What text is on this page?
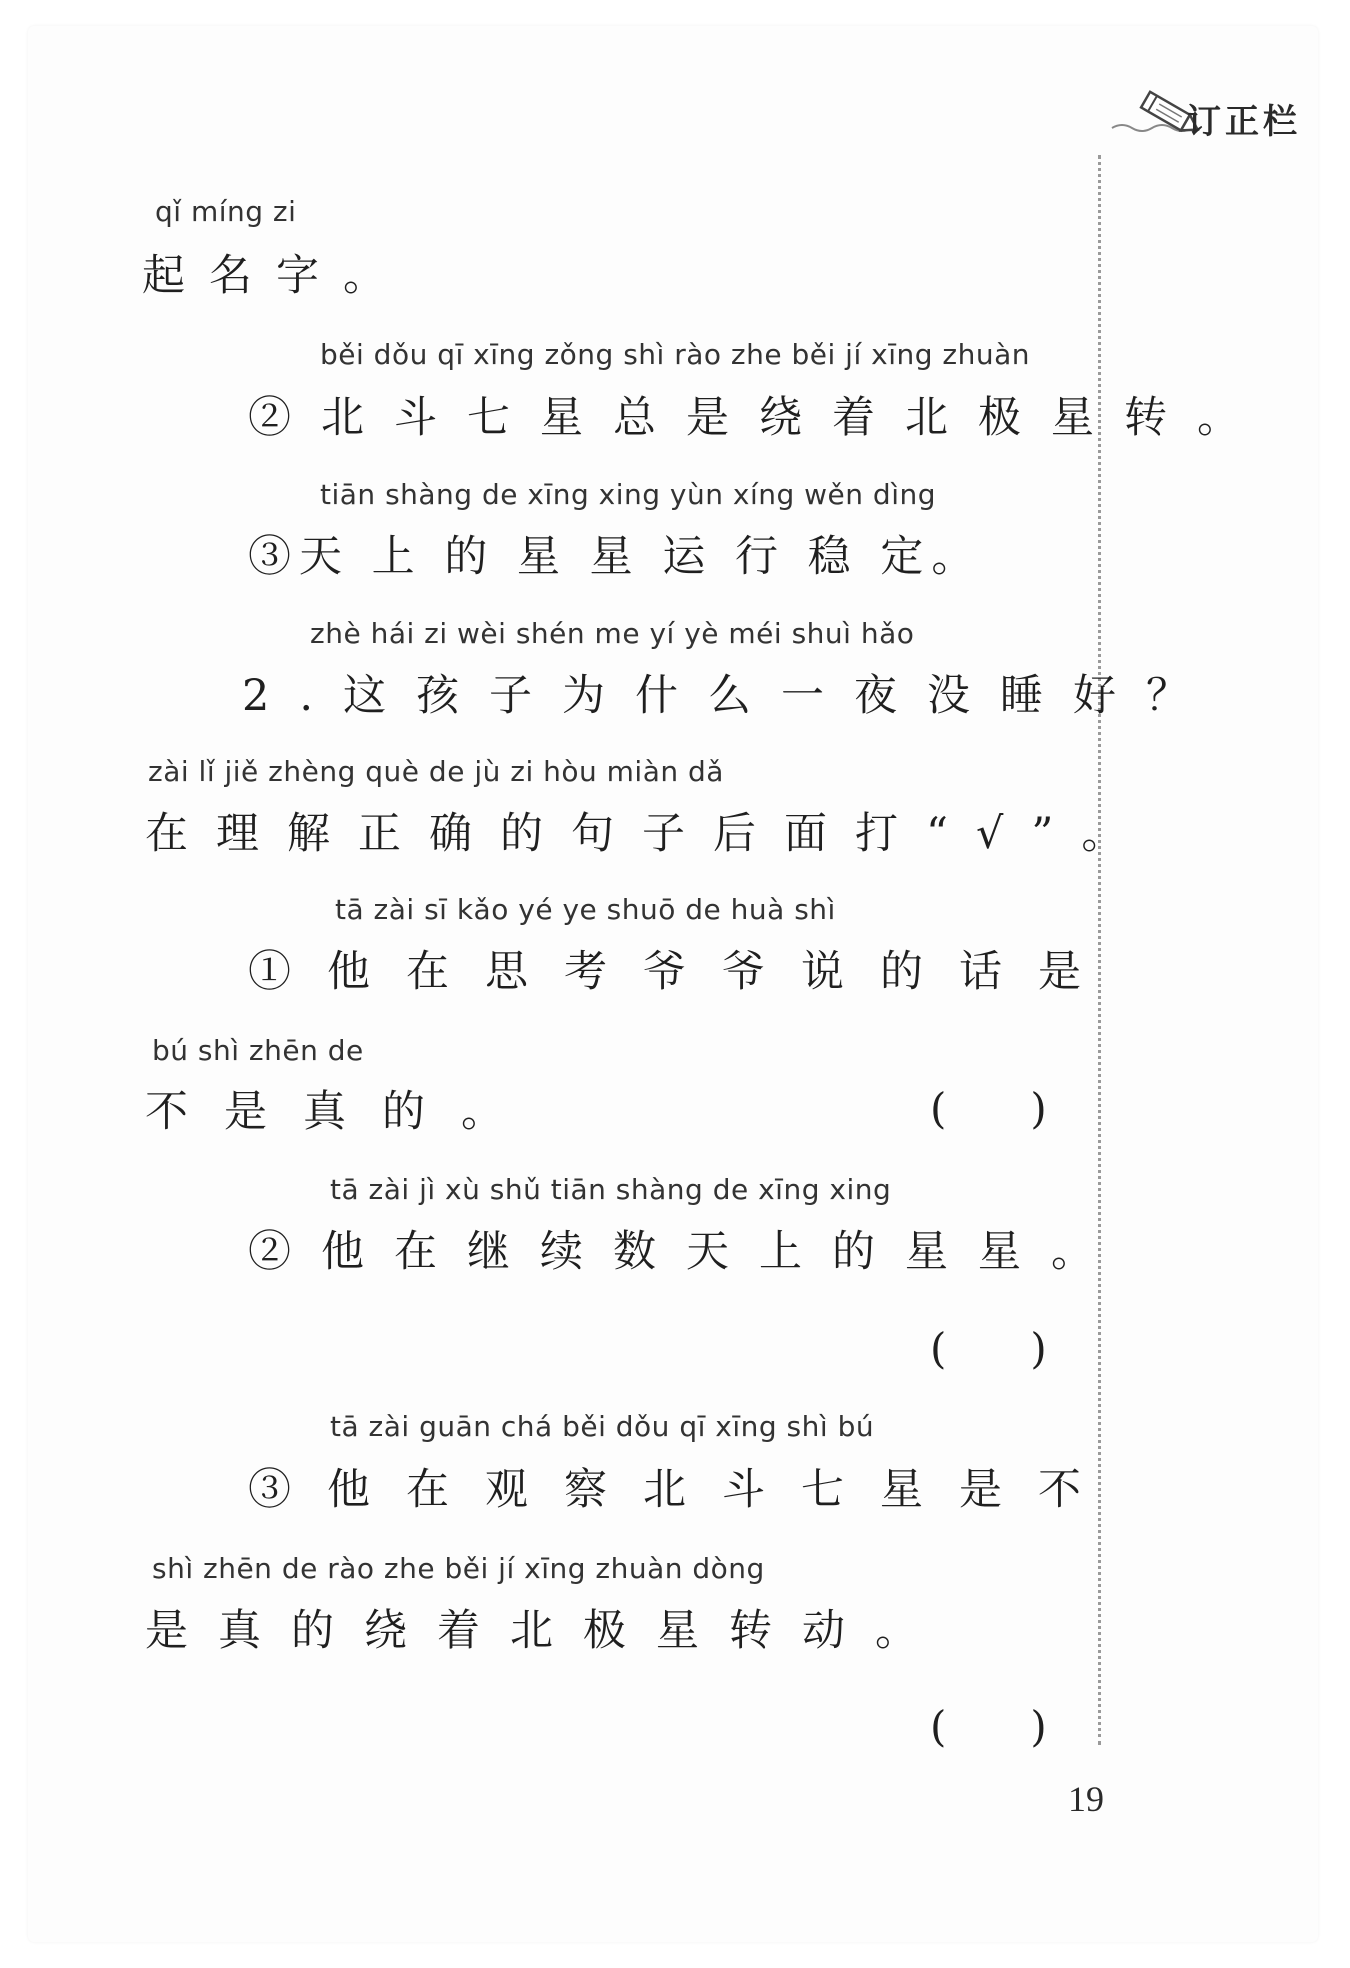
订正栏
qǐ míng zi
起名字。
běi dǒu qī xīng zǒng shì rào zhe běi jí xīng zhuàn
②北斗七星总是绕着北极星转。
tiān shàng de xīng xing yùn xíng wěn dìng
③天 上 的 星 星 运 行 稳 定。
zhè hái zi wèi shén me yí yè méi shuì hǎo
2.这孩子为什么一夜没睡好？
zài lǐ jiě zhèng què de jù zi hòu miàn dǎ
在理解正确的句子后面打“√”。
tā zài sī kǎo yé ye shuō de huà shì
①他在思考爷爷说的话是
bú shì zhēn de
不是真的。	(　　)
tā zài jì xù shǔ tiān shàng de xīng xing
②他在继续数天上的星星。
(　　)
tā zài guān chá běi dǒu qī xīng shì bú
③他在观察北斗七星是不
shì zhēn de rào zhe běi jí xīng zhuàn dòng
是真的绕着北极星转动。
(　　)
19
